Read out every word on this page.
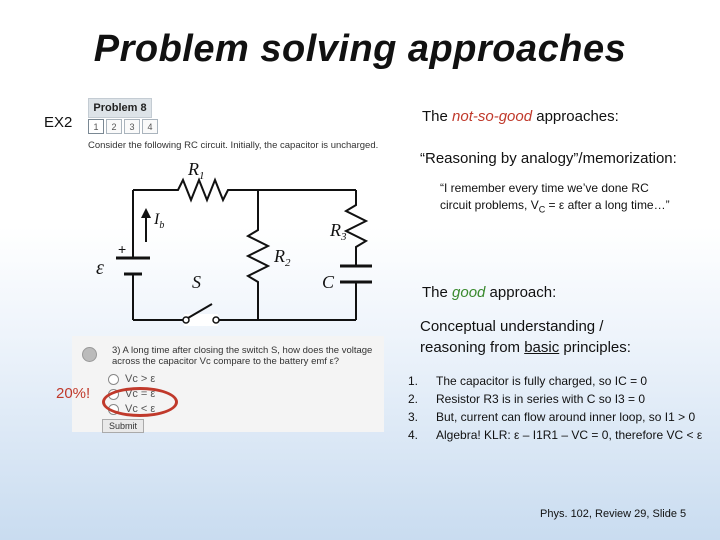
Problem solving approaches
EX2
Problem 8
1	2	3	4
Consider the following RC circuit. Initially, the capacitor is uncharged.
$R_1$
$R_2$
$R_3$
C
S
ε
$I_b$
+
3) A long time after closing the switch S, how does the voltage across the capacitor Vc compare to the battery emf ε?
Vc > ε
Vc = ε
Vc < ε
Submit
20%!
The not-so-good approaches:
“Reasoning by analogy”/memorization:
“I remember every time we’ve done RC
circuit problems, $V_C = \varepsilon$ after a long time…”
The good approach:
Conceptual understanding /
reasoning from basic principles:
1.	The capacitor is fully charged, so IC = 0
2.	Resistor R3 is in series with C so I3 = 0
3.	But, current can flow around inner loop, so I1 > 0
4.	Algebra! KLR: ε – I1R1 – VC = 0, therefore VC < ε
Phys. 102, Review 29, Slide 5
